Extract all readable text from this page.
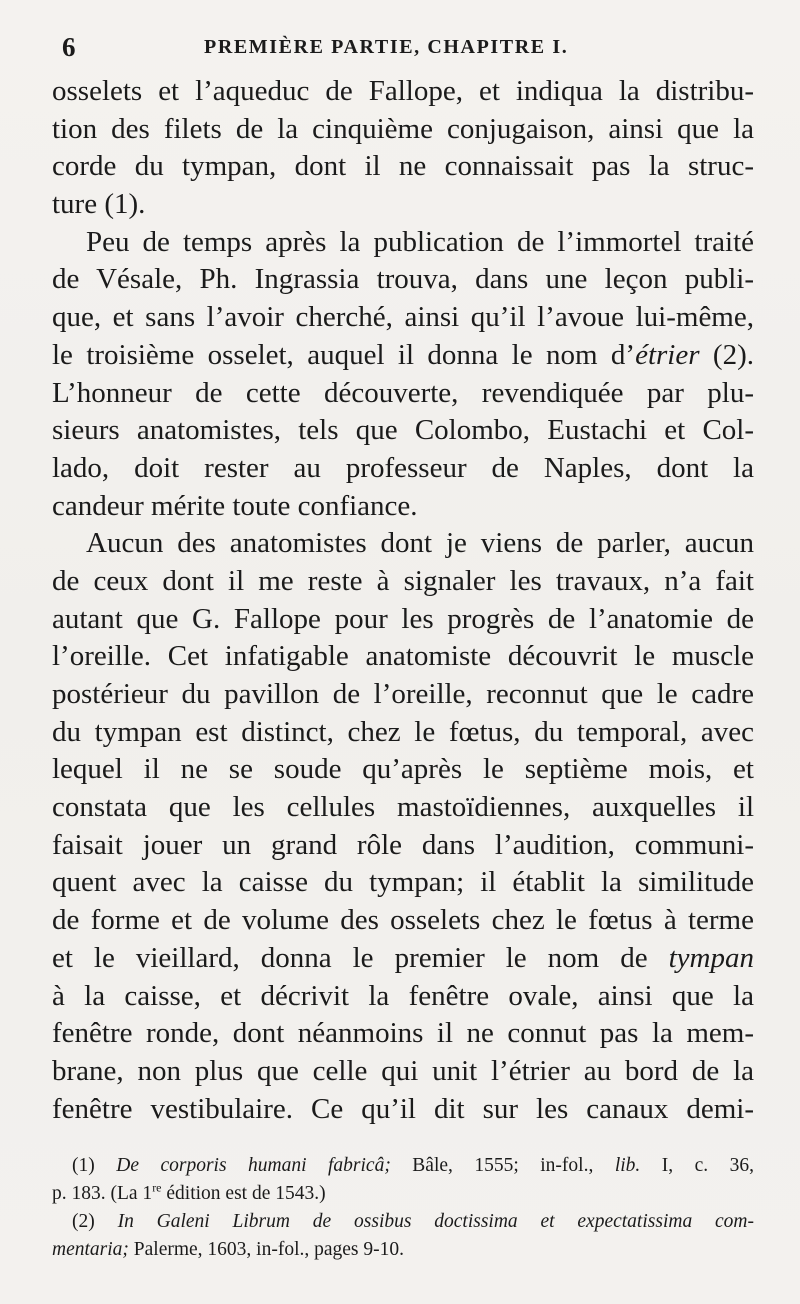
6	PREMIÈRE PARTIE, CHAPITRE I.
osselets et l’aqueduc de Fallope, et indiqua la distribu-
tion des filets de la cinquième conjugaison, ainsi que la
corde du tympan, dont il ne connaissait pas la struc-
ture (1).
Peu de temps après la publication de l’immortel traité
de Vésale, Ph. Ingrassia trouva, dans une leçon publi-
que, et sans l’avoir cherché, ainsi qu’il l’avoue lui-même,
le troisième osselet, auquel il donna le nom d’étrier (2).
L’honneur de cette découverte, revendiquée par plu-
sieurs anatomistes, tels que Colombo, Eustachi et Col-
lado, doit rester au professeur de Naples, dont la
candeur mérite toute confiance.
Aucun des anatomistes dont je viens de parler, aucun
de ceux dont il me reste à signaler les travaux, n’a fait
autant que G. Fallope pour les progrès de l’anatomie de
l’oreille. Cet infatigable anatomiste découvrit le muscle
postérieur du pavillon de l’oreille, reconnut que le cadre
du tympan est distinct, chez le fœtus, du temporal, avec
lequel il ne se soude qu’après le septième mois, et
constata que les cellules mastoïdiennes, auxquelles il
faisait jouer un grand rôle dans l’audition, communi-
quent avec la caisse du tympan; il établit la similitude
de forme et de volume des osselets chez le fœtus à terme
et le vieillard, donna le premier le nom de tympan
à la caisse, et décrivit la fenêtre ovale, ainsi que la
fenêtre ronde, dont néanmoins il ne connut pas la mem-
brane, non plus que celle qui unit l’étrier au bord de la
fenêtre vestibulaire. Ce qu’il dit sur les canaux demi-
(1) De corporis humani fabricâ; Bâle, 1555; in-fol., lib. I, c. 36,
p. 183. (La 1re édition est de 1543.)
(2) In Galeni Librum de ossibus doctissima et expectatissima com-
mentaria; Palerme, 1603, in-fol., pages 9-10.
